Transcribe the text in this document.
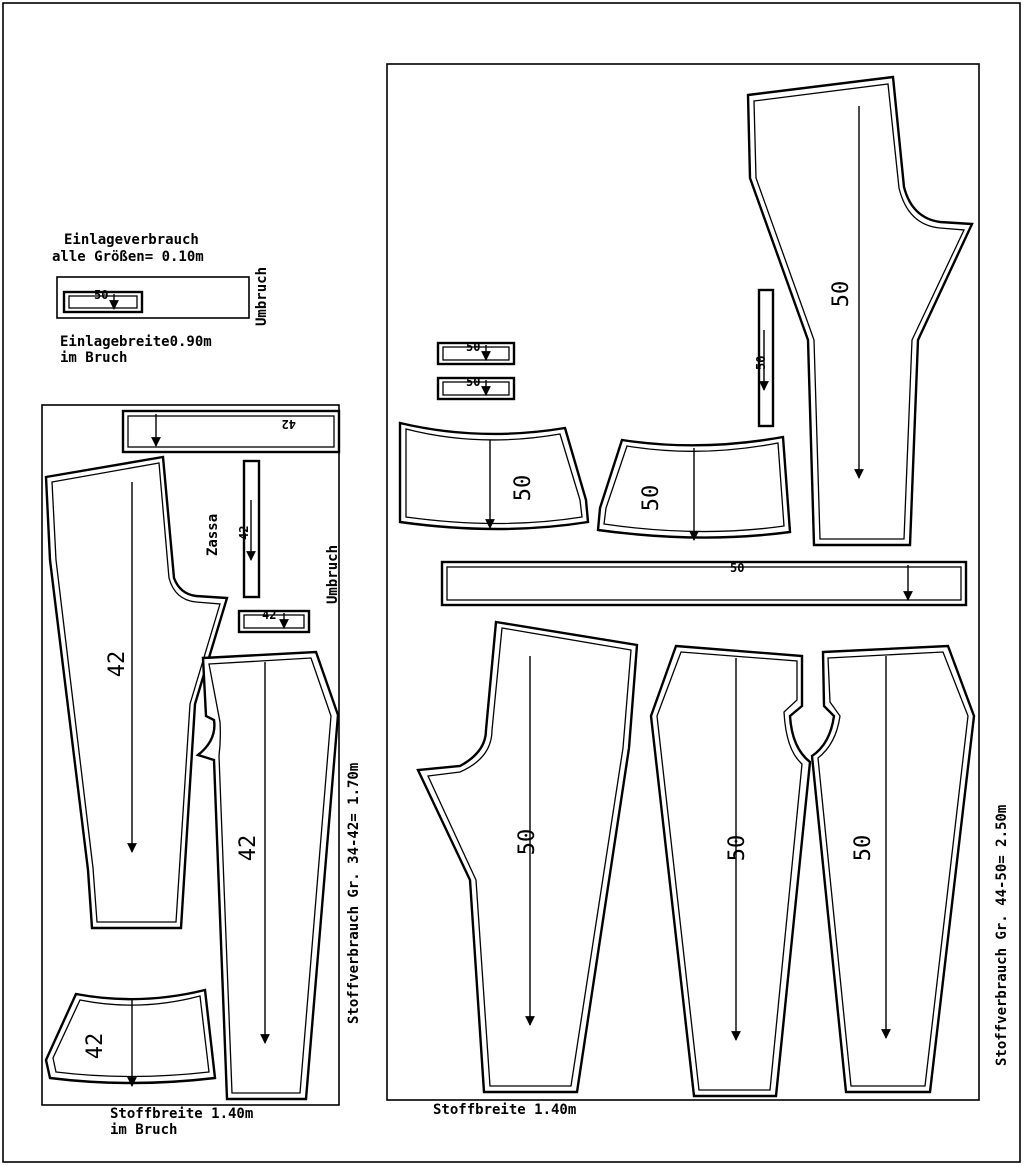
Einlageverbrauch
alle Größen= 0.10m
50	Umbruch
Einlagebreite0.90m
im Bruch
42
42
42
Zassa
Umbruch
42
42
42
Stoffverbrauch Gr. 34-42= 1.70m
Stoffbreite 1.40m
im Bruch
50
50
50
50
50	50
50
50	50	50	Stoffverbrauch Gr. 44-50= 2.50m
Stoffbreite 1.40m
